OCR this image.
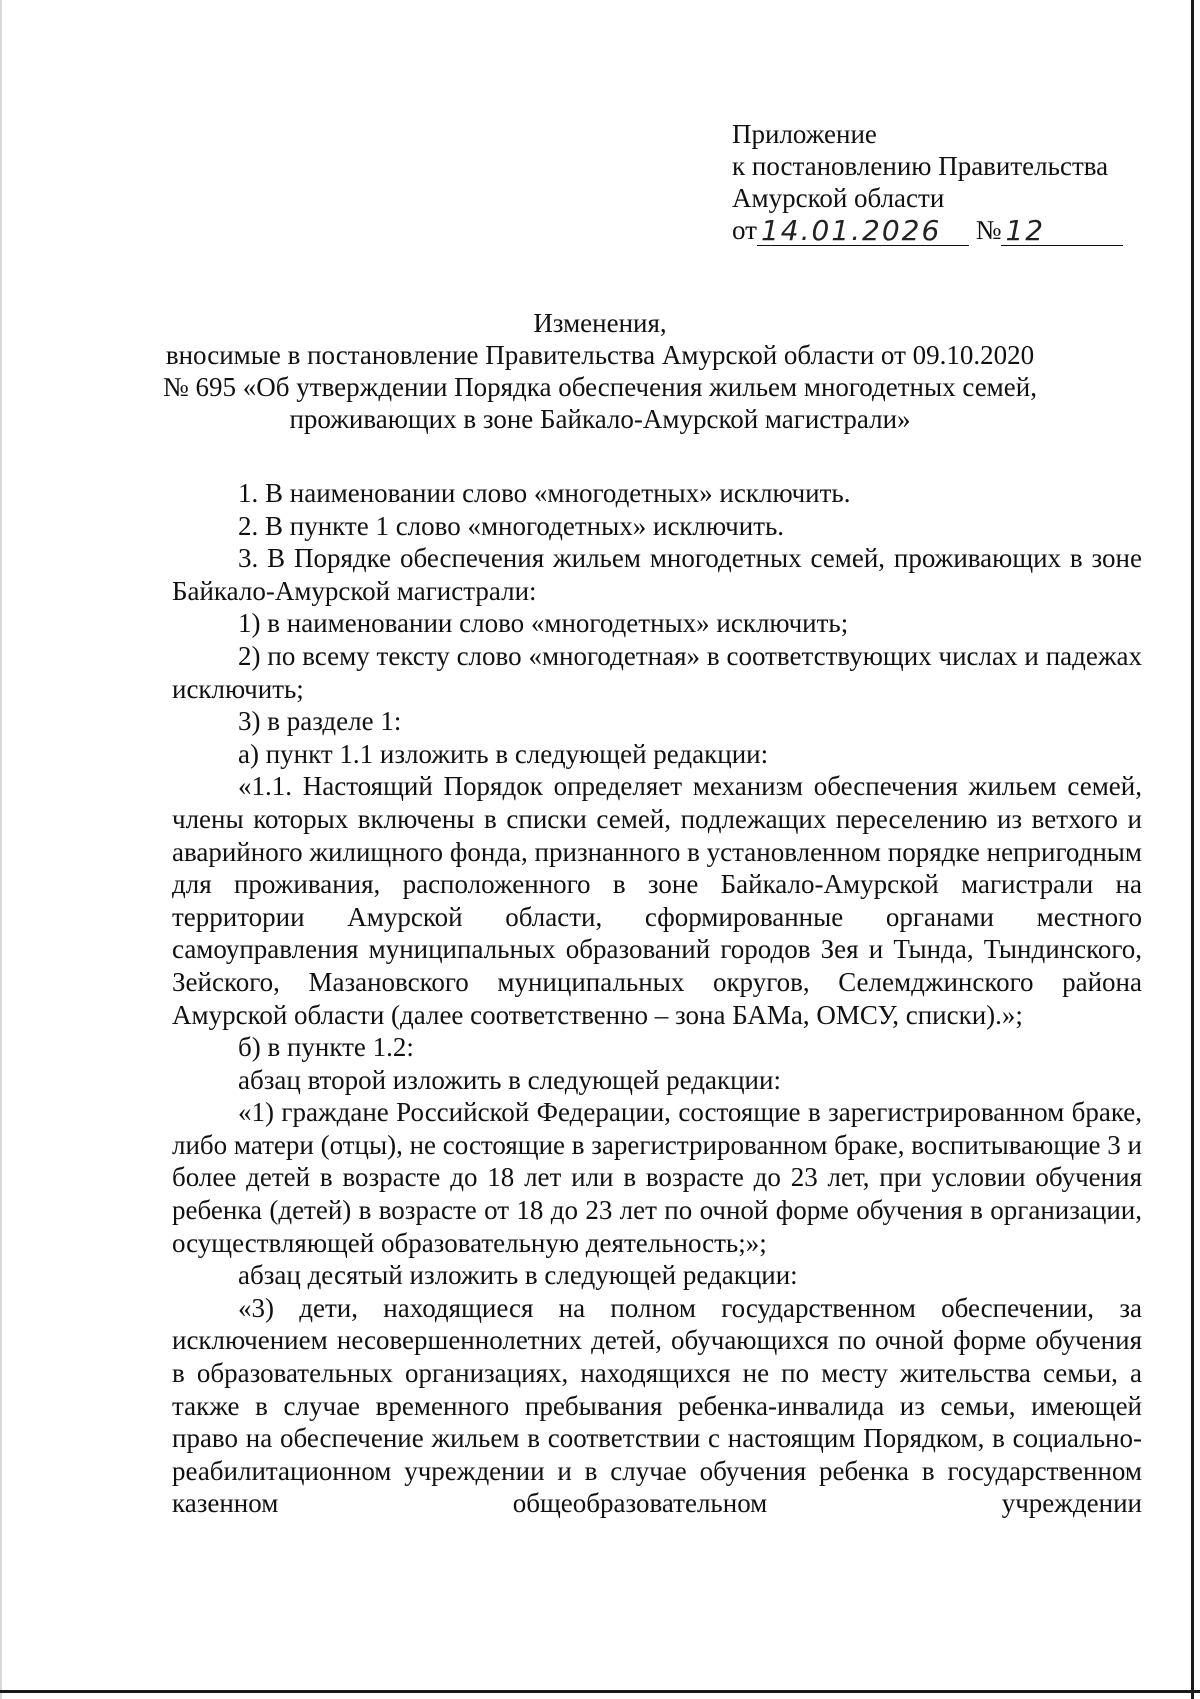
Приложение
к постановлению Правительства
Амурской области
от 14.01.2026 № 12
Изменения,
вносимые в постановление Правительства Амурской области от 09.10.2020 № 695 «Об утверждении Порядка обеспечения жильем многодетных семей, проживающих в зоне Байкало-Амурской магистрали»

1. В наименовании слово «многодетных» исключить.

2. В пункте 1 слово «многодетных» исключить.

3. В Порядке обеспечения жильем многодетных семей, проживающих в зоне Байкало-Амурской магистрали:

1) в наименовании слово «многодетных» исключить;

2) по всему тексту слово «многодетная» в соответствующих числах и падежах исключить;

3) в разделе 1:

а) пункт 1.1 изложить в следующей редакции:

«1.1. Настоящий Порядок определяет механизм обеспечения жильем семей, члены которых включены в списки семей, подлежащих переселению из ветхого и аварийного жилищного фонда, признанного в установленном порядке непригодным для проживания, расположенного в зоне Байкало-Амурской магистрали на территории Амурской области, сформированные органами местного самоуправления муниципальных образований городов Зея и Тында, Тындинского, Зейского, Мазановского муниципальных округов, Селемджинского района Амурской области (далее соответственно – зона БАМа, ОМСУ, списки).»;

б) в пункте 1.2:

абзац второй изложить в следующей редакции:

«1) граждане Российской Федерации, состоящие в зарегистрированном браке, либо матери (отцы), не состоящие в зарегистрированном браке, воспитывающие 3 и более детей в возрасте до 18 лет или в возрасте до 23 лет, при условии обучения ребенка (детей) в возрасте от 18 до 23 лет по очной форме обучения в организации, осуществляющей образовательную деятельность;»;

абзац десятый изложить в следующей редакции:

«3) дети, находящиеся на полном государственном обеспечении, за исключением несовершеннолетних детей, обучающихся по очной форме обучения в образовательных организациях, находящихся не по месту жительства семьи, а также в случае временного пребывания ребенка-инвалида из семьи, имеющей право на обеспечение жильем в соответствии с настоящим Порядком, в социально-реабилитационном учреждении и в случае обучения ребенка в государственном казенном общеобразовательном учреждении
